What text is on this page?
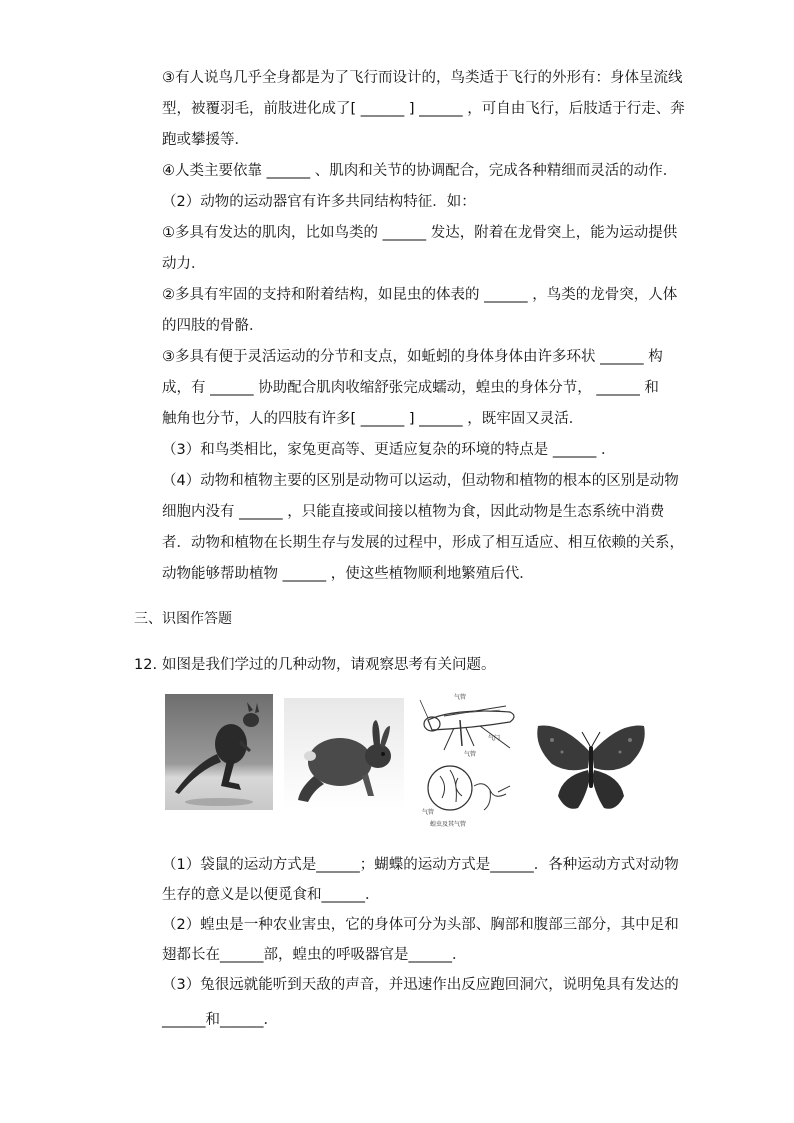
③有人说鸟几乎全身都是为了飞行而设计的，鸟类适于飞行的外形有：身体呈流线
型，被覆羽毛，前肢进化成了[ ______ ] ______ ，可自由飞行，后肢适于行走、奔
跑或攀援等．
④人类主要依靠 ______ 、肌肉和关节的协调配合，完成各种精细而灵活的动作．
（2）动物的运动器官有许多共同结构特征．如：
①多具有发达的肌肉，比如鸟类的 ______ 发达，附着在龙骨突上，能为运动提供
动力．
②多具有牢固的支持和附着结构，如昆虫的体表的 ______ ，鸟类的龙骨突，人体
的四肢的骨骼．
③多具有便于灵活运动的分节和支点，如蚯蚓的身体身体由许多环状 ______ 构
成，有 ______ 协助配合肌肉收缩舒张完成蠕动，蝗虫的身体分节， ______ 和
触角也分节，人的四肢有许多[ ______ ] ______ ，既牢固又灵活．
（3）和鸟类相比，家兔更高等、更适应复杂的环境的特点是 ______ ．
（4）动物和植物主要的区别是动物可以运动，但动物和植物的根本的区别是动物
细胞内没有 ______ ，只能直接或间接以植物为食，因此动物是生态系统中消费
者．动物和植物在长期生存与发展的过程中，形成了相互适应、相互依赖的关系，
动物能够帮助植物 ______ ，使这些植物顺利地繁殖后代．
三、识图作答题
12. 如图是我们学过的几种动物，请观察思考有关问题。
气管
气门
气管
气管
蝗虫及其气管
（1）袋鼠的运动方式是______；蝴蝶的运动方式是______．各种运动方式对动物
生存的意义是以便觅食和______．
（2）蝗虫是一种农业害虫，它的身体可分为头部、胸部和腹部三部分，其中足和
翅都长在______部，蝗虫的呼吸器官是______．
（3）兔很远就能听到天敌的声音，并迅速作出反应跑回洞穴，说明兔具有发达的
______和______．
